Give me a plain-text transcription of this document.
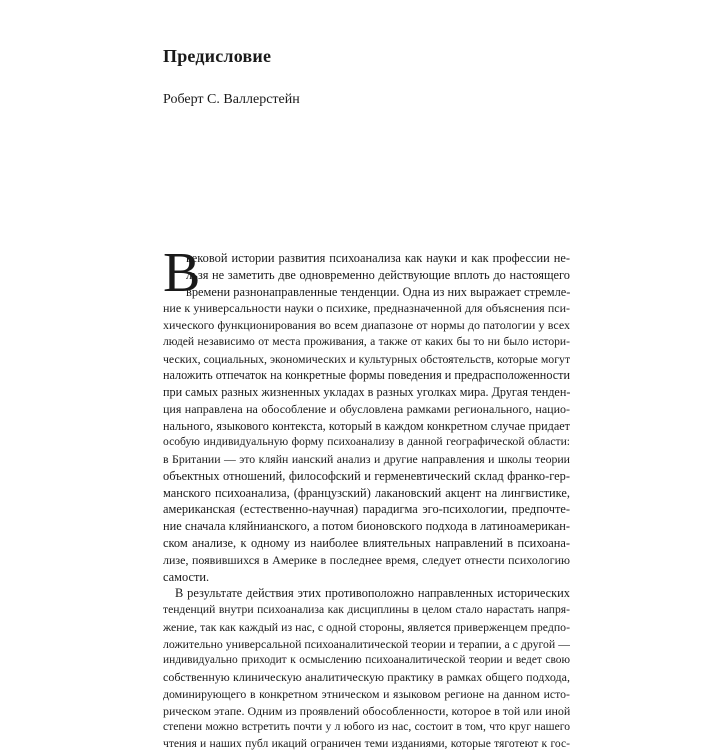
Предисловие
Роберт С. Валлерстейн
В
вековой истории развития психоанализа как науки и как профессии не-
льзя не заметить две одновременно действующие вплоть до настоящего
времени разнонаправленные тенденции. Одна из них выражает стремле-
ние к универсальности науки о психике, предназначенной для объяснения пси-
хического функционирования во всем диапазоне от нормы до патологии у всех
людей независимо от места проживания, а также от каких бы то ни было истори-
ческих, социальных, экономических и культурных обстоятельств, которые могут
наложить отпечаток на конкретные формы поведения и предрасположенности
при самых разных жизненных укладах в разных уголках мира. Другая тенден-
ция направлена на обособление и обусловлена рамками регионального, нацио-
нального, языкового контекста, который в каждом конкретном случае придает
особую индивидуальную форму психоанализу в данной географической области:
в Британии — это кляйн ианский анализ и другие направления и школы теории
объектных отношений, философский и герменевтический склад франко-гер-
манского психоанализа, (французский) лакановский акцент на лингвистике,
американская (естественно-научная) парадигма эго-психологии, предпочте-
ние сначала кляйнианского, а потом бионовского подхода в латиноамерикан-
ском анализе, к одному из наиболее влиятельных направлений в психоана-
лизе, появившихся в Америке в последнее время, следует отнести психологию
самости.
В результате действия этих противоположно направленных исторических
тенденций внутри психоанализа как дисциплины в целом стало нарастать напря-
жение, так как каждый из нас, с одной стороны, является приверженцем предпо-
ложительно универсальной психоаналитической теории и терапии, а с другой —
индивидуально приходит к осмыслению психоаналитической теории и ведет свою
собственную клиническую аналитическую практику в рамках общего подхода,
доминирующего в конкретном этническом и языковом регионе на данном исто-
рическом этапе. Одним из проявлений обособленности, которое в той или иной
степени можно встретить почти у л юбого из нас, состоит в том, что круг нашего
чтения и наших публ икаций ограничен теми изданиями, которые тяготеют к гос-
